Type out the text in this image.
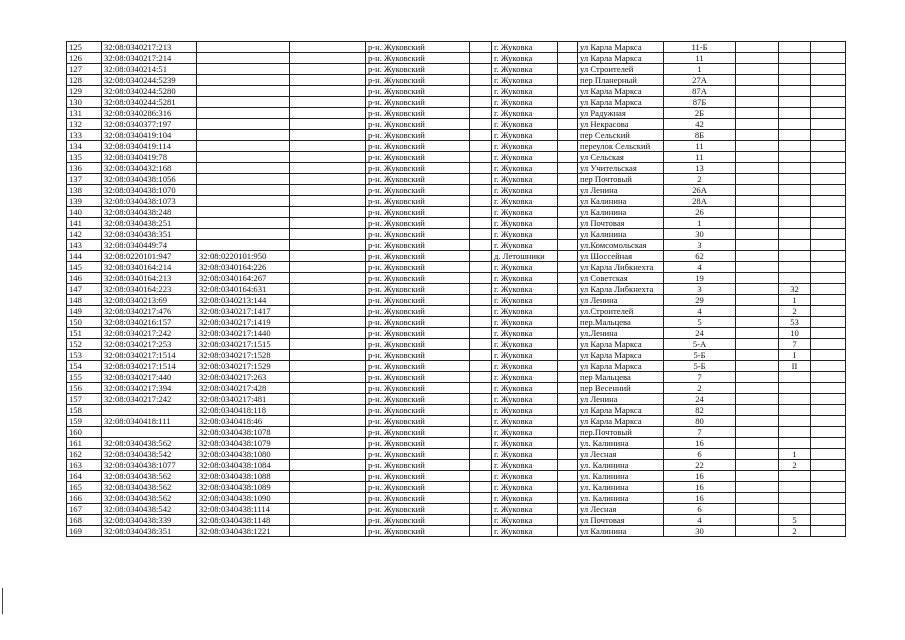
125	32:08:0340217:213			р-н. Жуковский		г. Жуковка		ул Карла Маркса	11-Б			
126	32:08:0340217:214			р-н. Жуковский		г. Жуковка		ул Карла Маркса	11			
127	32:08:0340214:51			р-н. Жуковский		г. Жуковка		ул Строителей	1			
128	32:08:0340244:5239			р-н. Жуковский		г. Жуковка		пер Планерный	27А			
129	32:08:0340244:5280			р-н. Жуковский		г. Жуковка		ул Карла Маркса	87А			
130	32:08:0340244:5281			р-н. Жуковский		г. Жуковка		ул Карла Маркса	87Б			
131	32:08:0340286:316			р-н. Жуковский		г. Жуковка		ул Радужная	2Б			
132	32:08:0340377:197			р-н. Жуковский		г. Жуковка		ул Некрасова	42			
133	32:08:0340419:104			р-н. Жуковский		г. Жуковка		пер Сельский	8Б			
134	32:08:0340419:114			р-н. Жуковский		г. Жуковка		переулок Сельский	11			
135	32:08:0340419:78			р-н. Жуковский		г. Жуковка		ул Сельская	11			
136	32:08:0340432:168			р-н. Жуковский		г. Жуковка		ул Учительская	13			
137	32:08:0340438:1056			р-н. Жуковский		г. Жуковка		пер Почтовый	2			
138	32:08:0340438:1070			р-н. Жуковский		г. Жуковка		ул Ленина	26А			
139	32:08:0340438:1073			р-н. Жуковский		г. Жуковка		ул Калинина	28А			
140	32:08:0340438:248			р-н. Жуковский		г. Жуковка		ул Калинина	26			
141	32:08:0340438:251			р-н. Жуковский		г. Жуковка		ул Почтовая	1			
142	32:08:0340438:351			р-н. Жуковский		г. Жуковка		ул Калинина	30			
143	32:08:0340449:74			р-н. Жуковский		г. Жуковка		ул.Комсомольская	3			
144	32:08:0220101:947	32:08:0220101:950		р-н. Жуковский		д. Летошники		ул Шоссейная	62			
145	32:08:0340164:214	32:08:0340164:226		р-н. Жуковский		г. Жуковка		ул Карла Либкнехта	4			
146	32:08:0340164:213	32:08:0340164:267		р-н. Жуковский		г. Жуковка		ул Советская	19			
147	32:08:0340164:223	32:08:0340164:631		р-н. Жуковский		г. Жуковка		ул Карла Либкнехта	3		32	
148	32:08:0340213:69	32:08:0340213:144		р-н. Жуковский		г. Жуковка		ул Ленина	29		1	
149	32:08:0340217:476	32:08:0340217:1417		р-н. Жуковский		г. Жуковка		ул.Строителей	4		2	
150	32:08:0340216:157	32:08:0340217:1419		р-н. Жуковский		г. Жуковка		пер.Мальцева	5		53	
151	32:08:0340217:242	32:08:0340217:1440		р-н. Жуковский		г. Жуковка		ул.Ленина	24		10	
152	32:08:0340217:253	32:08:0340217:1515		р-н. Жуковский		г. Жуковка		ул Карла Маркса	5-А		7	
153	32:08:0340217:1514	32:08:0340217:1528		р-н. Жуковский		г. Жуковка		ул Карла Маркса	5-Б		I	
154	32:08:0340217:1514	32:08:0340217:1529		р-н. Жуковский		г. Жуковка		ул Карла Маркса	5-Б		II	
155	32:08:0340217:440	32:08:0340217:263		р-н. Жуковский		г. Жуковка		пер Мальцева	7			
156	32:08:0340217:394	32:08:0340217:428		р-н. Жуковский		г. Жуковка		пер Весенний	2			
157	32:08:0340217:242	32:08:0340217:481		р-н. Жуковский		г. Жуковка		ул Ленина	24			
158		32:08:0340418:118		р-н. Жуковский		г. Жуковка		ул Карла Маркса	82			
159	32:08:0340418:111	32:08:0340418:46		р-н. Жуковский		г. Жуковка		ул Карла Маркса	80			
160		32:08:0340438:1078		р-н. Жуковский		г. Жуковка		пер.Почтовый	7			
161	32:08:0340438:562	32:08:0340438:1079		р-н. Жуковский		г. Жуковка		ул. Калинина	16			
162	32:08:0340438:542	32:08:0340438:1080		р-н. Жуковский		г. Жуковка		ул Лесная	6		1	
163	32:08:0340438:1077	32:08:0340438:1084		р-н. Жуковский		г. Жуковка		ул. Калинина	22		2	
164	32:08:0340438:562	32:08:0340438:1088		р-н. Жуковский		г. Жуковка		ул. Калинина	16			
165	32:08:0340438:562	32:08:0340438:1089		р-н. Жуковский		г. Жуковка		ул. Калинина	16			
166	32:08:0340438:562	32:08:0340438:1090		р-н. Жуковский		г. Жуковка		ул. Калинина	16			
167	32:08:0340438:542	32:08:0340438:1114		р-н. Жуковский		г. Жуковка		ул Лесная	6			
168	32:08:0340438:339	32:08:0340438:1148		р-н. Жуковский		г. Жуковка		ул Почтовая	4		5	
169	32:08:0340438:351	32:08:0340438:1221		р-н. Жуковский		г. Жуковка		ул Калинина	30		2	
